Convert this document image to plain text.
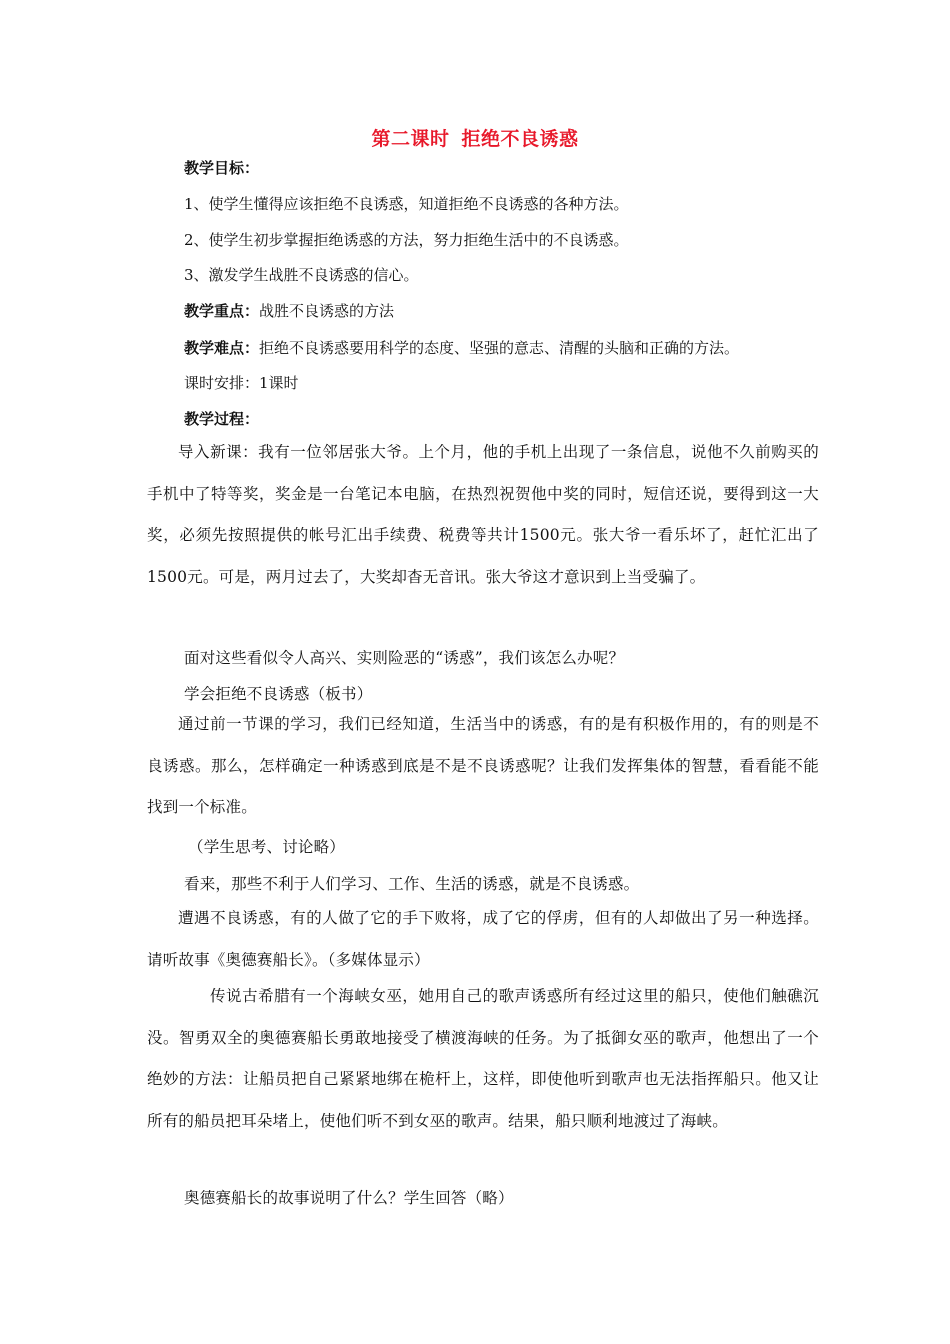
第二课时 拒绝不良诱惑
教学目标：
1、使学生懂得应该拒绝不良诱惑，知道拒绝不良诱惑的各种方法。
2、使学生初步掌握拒绝诱惑的方法，努力拒绝生活中的不良诱惑。
3、激发学生战胜不良诱惑的信心。
教学重点：战胜不良诱惑的方法
教学难点：拒绝不良诱惑要用科学的态度、坚强的意志、清醒的头脑和正确的方法。
课时安排：1课时
教学过程：
导入新课：我有一位邻居张大爷。上个月，他的手机上出现了一条信息，说他不久前购买的手机中了特等奖，奖金是一台笔记本电脑，在热烈祝贺他中奖的同时，短信还说，要得到这一大奖，必须先按照提供的帐号汇出手续费、税费等共计1500元。张大爷一看乐坏了，赶忙汇出了1500元。可是，两月过去了，大奖却杳无音讯。张大爷这才意识到上当受骗了。
面对这些看似令人高兴、实则险恶的“诱惑”，我们该怎么办呢？
学会拒绝不良诱惑（板书）
通过前一节课的学习，我们已经知道，生活当中的诱惑，有的是有积极作用的，有的则是不良诱惑。那么，怎样确定一种诱惑到底是不是不良诱惑呢？让我们发挥集体的智慧，看看能不能找到一个标准。
（学生思考、讨论略）
看来，那些不利于人们学习、工作、生活的诱惑，就是不良诱惑。
遭遇不良诱惑，有的人做了它的手下败将，成了它的俘虏，但有的人却做出了另一种选择。请听故事《奥德赛船长》。（多媒体显示）
传说古希腊有一个海峡女巫，她用自己的歌声诱惑所有经过这里的船只，使他们触礁沉没。智勇双全的奥德赛船长勇敢地接受了横渡海峡的任务。为了抵御女巫的歌声，他想出了一个绝妙的方法：让船员把自己紧紧地绑在桅杆上，这样，即使他听到歌声也无法指挥船只。他又让所有的船员把耳朵堵上，使他们听不到女巫的歌声。结果，船只顺利地渡过了海峡。
奥德赛船长的故事说明了什么？学生回答（略）
